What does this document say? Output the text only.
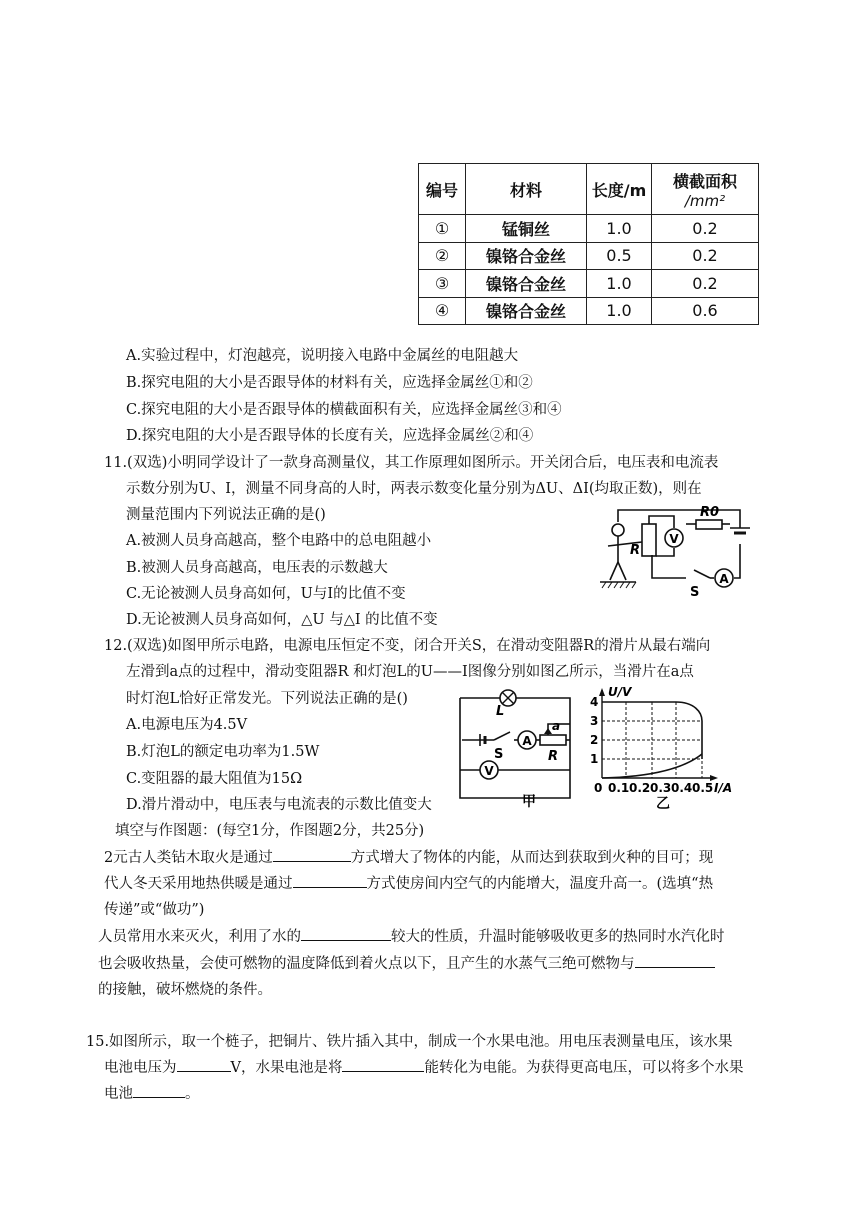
编号	材料	长度/m	横截面积
/mm²

①	锰铜丝	1.0	0.2
②	镍铬合金丝	0.5	0.2
③	镍铬合金丝	1.0	0.2
④	镍铬合金丝	1.0	0.6
A.实验过程中，灯泡越亮，说明接入电路中金属丝的电阻越大
B.探究电阻的大小是否跟导体的材料有关，应选择金属丝①和②
C.探究电阻的大小是否跟导体的横截面积有关，应选择金属丝③和④
D.探究电阻的大小是否跟导体的长度有关，应选择金属丝②和④
11.(双选)小明同学设计了一款身高测量仪，其工作原理如图所示。开关闭合后，电压表和电流表
示数分别为U、I，测量不同身高的人时，两表示数变化量分别为ΔU、ΔI(均取正数)，则在
测量范围内下列说法正确的是()
A.被测人员身高越高，整个电路中的总电阻越小
B.被测人员身高越高，电压表的示数越大
C.无论被测人员身高如何，U与I的比值不变
D.无论被测人员身高如何，△U 与△I 的比值不变
V
A
R
R0
S
12.(双选)如图甲所示电路，电源电压恒定不变，闭合开关S，在滑动变阻器R的滑片从最右端向
左滑到a点的过程中，滑动变阻器R 和灯泡L的U——I图像分别如图乙所示，当滑片在a点
时灯泡L恰好正常发光。下列说法正确的是()
A.电源电压为4.5V
B.灯泡L的额定电功率为1.5W
C.变阻器的最大阻值为15Ω
D.滑片滑动中，电压表与电流表的示数比值变大
A
V
L
a
S	R
甲
U/V
4
3
2
1
0 0.1 0.2 0.3 0.4 0.5 I/A
乙
填空与作图题：(每空1分，作图题2分，共25分)
2元古人类钻木取火是通过	方式增大了物体的内能，从而达到获取到火种的目可；现
代人冬天采用地热供暖是通过	方式使房间内空气的内能增大，温度升高一。(选填“热
传递”或“做功”)
人员常用水来灭火，利用了水的	较大的性质，升温时能够吸收更多的热同时水汽化时
也会吸收热量，会使可燃物的温度降低到着火点以下，且产生的水蒸气三绝可燃物与
的接触，破坏燃烧的条件。
15.如图所示，取一个梿子，把铜片、铁片插入其中，制成一个水果电池。用电压表测量电压，该水果
电池电压为	V，水果电池是将	能转化为电能。为获得更高电压，可以将多个水果
电池	。
